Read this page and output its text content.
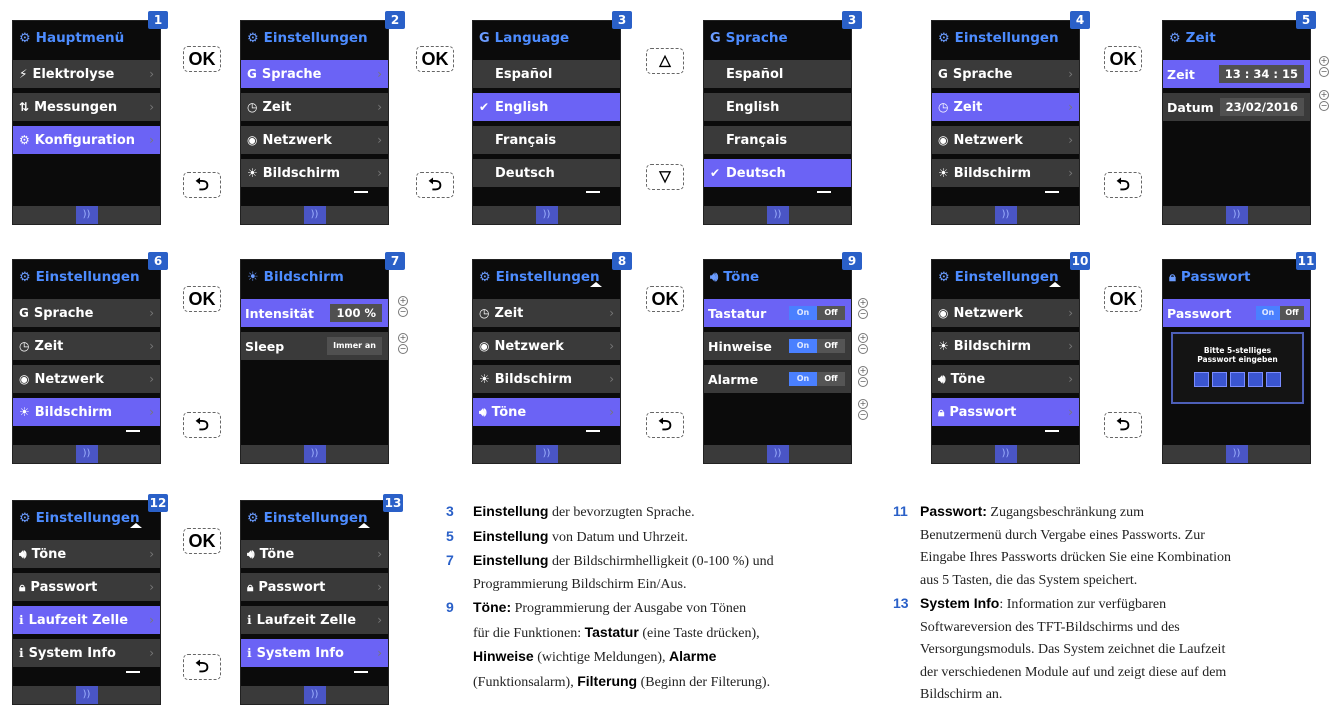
⚙ Hauptmenü
⚡ Elektrolyse	›
⇅ Messungen	›
⚙ Konfiguration ›
))
1
OK
⮌
⚙ Einstellungen
G Sprache	›
◷ Zeit	›
◉ Netzwerk	›
☀ Bildschirm	›
))
2
OK
⮌
G Language
Español
✔ English
Français
Deutsch
))
3
△
▽
G Sprache
Español
English
Français
✔ Deutsch
))
3
⚙ Einstellungen
G Sprache	›
◷ Zeit	›
◉ Netzwerk	›
☀ Bildschirm	›
))
4
OK
⮌
⚙ Zeit
Zeit	13 : 34 : 15
Datum	23/02/2016
))
5
+
−
+
−
⚙ Einstellungen
G Sprache	›
◷ Zeit	›
◉ Netzwerk	›
☀ Bildschirm	›
))
6
OK
⮌
☀ Bildschirm
Intensität	100 %
Sleep	Immer an
))
7
+
−
+
−
⚙ Einstellungen
◷ Zeit	›
◉ Netzwerk	›
☀ Bildschirm	›
🔊︎ Töne	›
))
8
OK
⮌
🔊︎ Töne
Tastatur	On	Off
Hinweise	On	Off
Alarme	On	Off
))
9
+
−
+
−
+
−
+
−
⚙ Einstellungen
◉ Netzwerk	›
☀ Bildschirm	›
🔊︎ Töne	›
🔒︎ Passwort	›
))
10
OK
⮌
🔒︎ Passwort
Passwort	On	Off
Bitte 5-stelliges
Passwort eingeben
))
11
⚙ Einstellungen
🔊︎ Töne	›
🔒︎ Passwort	›
ℹ Laufzeit Zelle ›
ℹ System Info	›
))
12
OK
⮌
⚙ Einstellungen
🔊︎ Töne	›
🔒︎ Passwort	›
ℹ Laufzeit Zelle ›
ℹ System Info	›
))
13	3 Einstellung der bevorzugten Sprache.
5 Einstellung von Datum und Uhrzeit.
7 Einstellung der Bildschirmhelligkeit (0-100 %) und
Programmierung Bildschirm Ein/Aus.
9 Töne: Programmierung der Ausgabe von Tönen
für die Funktionen: Tastatur (eine Taste drücken),
Hinweise (wichtige Meldungen), Alarme
(Funktionsalarm), Filterung (Beginn der Filterung).
11 Passwort: Zugangsbeschränkung zum
Benutzermenü durch Vergabe eines Passworts. Zur
Eingabe Ihres Passworts drücken Sie eine Kombination
aus 5 Tasten, die das System speichert.
13 System Info: Information zur verfügbaren
Softwareversion des TFT-Bildschirms und des
Versorgungsmoduls. Das System zeichnet die Laufzeit
der verschiedenen Module auf und zeigt diese auf dem
Bildschirm an.
